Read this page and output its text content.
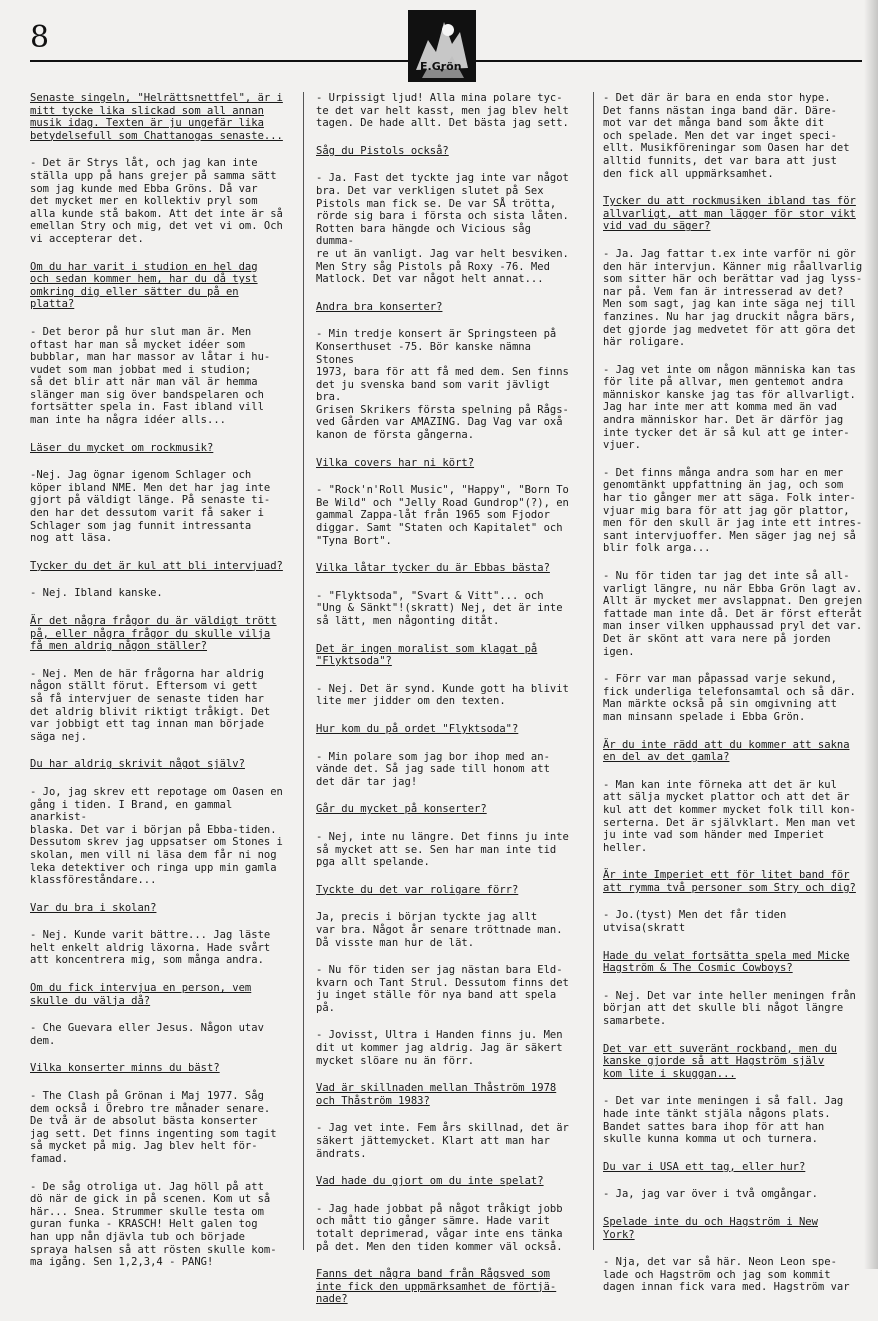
8
E.Grön
Senaste singeln, "Helrättsnettfel", är i
mitt tycke lika slickad som all annan
musik idag. Texten är ju ungefär lika
betydelsefull som Chattanogas senaste...
- Det är Strys låt, och jag kan inte
ställa upp på hans grejer på samma sätt
som jag kunde med Ebba Gröns. Då var
det mycket mer en kollektiv pryl som
alla kunde stå bakom. Att det inte är så
emellan Stry och mig, det vet vi om. Och
vi accepterar det.
Om du har varit i studion en hel dag
och sedan kommer hem, har du då tyst
omkring dig eller sätter du på en
platta?
- Det beror på hur slut man är. Men
oftast har man så mycket idéer som
bubblar, man har massor av låtar i hu-
vudet som man jobbat med i studion;
så det blir att när man väl är hemma
slänger man sig över bandspelaren och
fortsätter spela in. Fast ibland vill
man inte ha några idéer alls...
Läser du mycket om rockmusik?
-Nej. Jag ögnar igenom Schlager och
köper ibland NME. Men det har jag inte
gjort på väldigt länge. På senaste ti-
den har det dessutom varit få saker i
Schlager som jag funnit intressanta
nog att läsa.
Tycker du det är kul att bli intervjuad?
- Nej. Ibland kanske.
Är det några frågor du är väldigt trött
på, eller några frågor du skulle vilja
få men aldrig någon ställer?
- Nej. Men de här frågorna har aldrig
någon ställt förut. Eftersom vi gett
så få intervjuer de senaste tiden har
det aldrig blivit riktigt tråkigt. Det
var jobbigt ett tag innan man började
säga nej.
Du har aldrig skrivit något själv?
- Jo, jag skrev ett repotage om Oasen en
gång i tiden. I Brand, en gammal anarkist-
blaska. Det var i början på Ebba-tiden.
Dessutom skrev jag uppsatser om Stones i
skolan, men vill ni läsa dem får ni nog
leka detektiver och ringa upp min gamla
klassföreståndare...
Var du bra i skolan?
- Nej. Kunde varit bättre... Jag läste
helt enkelt aldrig läxorna. Hade svårt
att koncentrera mig, som många andra.
Om du fick intervjua en person, vem
skulle du välja då?
- Che Guevara eller Jesus. Någon utav
dem.
Vilka konserter minns du bäst?
- The Clash på Grönan i Maj 1977. Såg
dem också i Örebro tre månader senare.
De två är de absolut bästa konserter
jag sett. Det finns ingenting som tagit
så mycket på mig. Jag blev helt för-
famad.
- De såg otroliga ut. Jag höll på att
dö när de gick in på scenen. Kom ut så
här... Snea. Strummer skulle testa om
guran funka - KRASCH! Helt galen tog
han upp nån djävla tub och började
spraya halsen så att rösten skulle kom-
ma igång. Sen 1,2,3,4 - PANG!
- Urpissigt ljud! Alla mina polare tyc-
te det var helt kasst, men jag blev helt
tagen. De hade allt. Det bästa jag sett.
Såg du Pistols också?
- Ja. Fast det tyckte jag inte var något
bra. Det var verkligen slutet på Sex
Pistols man fick se. De var SÅ trötta,
rörde sig bara i första och sista låten.
Rotten bara hängde och Vicious såg dumma-
re ut än vanligt. Jag var helt besviken.
Men Stry såg Pistols på Roxy -76. Med
Matlock. Det var något helt annat...
Andra bra konserter?
- Min tredje konsert är Springsteen på
Konserthuset -75. Bör kanske nämna Stones
1973, bara för att få med dem. Sen finns
det ju svenska band som varit jävligt bra.
Grisen Skrikers första spelning på Rågs-
ved Gården var AMAZING. Dag Vag var oxå
kanon de första gångerna.
Vilka covers har ni kört?
- "Rock'n'Roll Music", "Happy", "Born To
Be Wild" och "Jelly Road Gundrop"(?), en
gammal Zappa-låt från 1965 som Fjodor
diggar. Samt "Staten och Kapitalet" och
"Tyna Bort".
Vilka låtar tycker du är Ebbas bästa?
- "Flyktsoda", "Svart & Vitt"... och
"Ung & Sänkt"!(skratt) Nej, det är inte
så lätt, men någonting ditåt.
Det är ingen moralist som klagat på
"Flyktsoda"?
- Nej. Det är synd. Kunde gott ha blivit
lite mer jidder om den texten.
Hur kom du på ordet "Flyktsoda"?
- Min polare som jag bor ihop med an-
vände det. Så jag sade till honom att
det där tar jag!
Går du mycket på konserter?
- Nej, inte nu längre. Det finns ju inte
så mycket att se. Sen har man inte tid
pga allt spelande.
Tyckte du det var roligare förr?
Ja, precis i början tyckte jag allt
var bra. Något år senare tröttnade man.
Då visste man hur de lät.
- Nu för tiden ser jag nästan bara Eld-
kvarn och Tant Strul. Dessutom finns det
ju inget ställe för nya band att spela på.
- Jovisst, Ultra i Handen finns ju. Men
dit ut kommer jag aldrig. Jag är säkert
mycket slöare nu än förr.
Vad är skillnaden mellan Thåström 1978
och Thåström 1983?
- Jag vet inte. Fem års skillnad, det är
säkert jättemycket. Klart att man har
ändrats.
Vad hade du gjort om du inte spelat?
- Jag hade jobbat på något tråkigt jobb
och mått tio gånger sämre. Hade varit
totalt deprimerad, vågar inte ens tänka
på det. Men den tiden kommer väl också.
Fanns det några band från Rågsved som
inte fick den uppmärksamhet de förtjä-
nade?
- Det där är bara en enda stor hype.
Det fanns nästan inga band där. Däre-
mot var det många band som åkte dit
och spelade. Men det var inget speci-
ellt. Musikföreningar som Oasen har det
alltid funnits, det var bara att just
den fick all uppmärksamhet.
Tycker du att rockmusiken ibland tas för
allvarligt, att man lägger för stor vikt
vid vad du säger?
- Ja. Jag fattar t.ex inte varför ni gör
den här intervjun. Känner mig råallvarlig
som sitter här och berättar vad jag lyss-
nar på. Vem fan är intresserad av det?
Men som sagt, jag kan inte säga nej till
fanzines. Nu har jag druckit några bärs,
det gjorde jag medvetet för att göra det
här roligare.
- Jag vet inte om någon människa kan tas
för lite på allvar, men gentemot andra
människor kanske jag tas för allvarligt.
Jag har inte mer att komma med än vad
andra människor har. Det är därför jag
inte tycker det är så kul att ge inter-
vjuer.
- Det finns många andra som har en mer
genomtänkt uppfattning än jag, och som
har tio gånger mer att säga. Folk inter-
vjuar mig bara för att jag gör plattor,
men för den skull är jag inte ett intres-
sant intervjuoffer. Men säger jag nej så
blir folk arga...
- Nu för tiden tar jag det inte så all-
varligt längre, nu när Ebba Grön lagt av.
Allt är mycket mer avslappnat. Den grejen
fattade man inte då. Det är först efteråt
man inser vilken upphaussad pryl det var.
Det är skönt att vara nere på jorden igen.
- Förr var man påpassad varje sekund,
fick underliga telefonsamtal och så där.
Man märkte också på sin omgivning att
man minsann spelade i Ebba Grön.
Är du inte rädd att du kommer att sakna
en del av det gamla?
- Man kan inte förneka att det är kul
att sälja mycket plattor och att det är
kul att det kommer mycket folk till kon-
serterna. Det är självklart. Men man vet
ju inte vad som händer med Imperiet
heller.
Är inte Imperiet ett för litet band för
att rymma två personer som Stry och dig?
- Jo.(tyst) Men det får tiden utvisa(skratt
Hade du velat fortsätta spela med Micke
Hagström & The Cosmic Cowboys?
- Nej. Det var inte heller meningen från
början att det skulle bli något längre
samarbete.
Det var ett suveränt rockband, men du
kanske gjorde så att Hagström själv
kom lite i skuggan...
- Det var inte meningen i så fall. Jag
hade inte tänkt stjäla någons plats.
Bandet sattes bara ihop för att han
skulle kunna komma ut och turnera.
Du var i USA ett tag, eller hur?
- Ja, jag var över i två omgångar.
Spelade inte du och Hagström i New
York?
- Nja, det var så här. Neon Leon spe-
lade och Hagström och jag som kommit
dagen innan fick vara med. Hagström var
